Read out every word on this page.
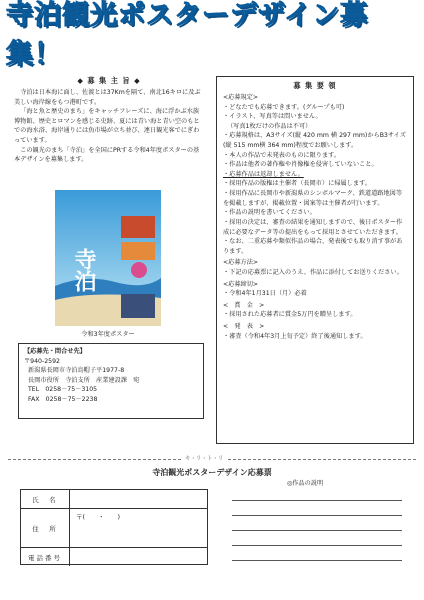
寺泊観光ポスターデザイン募集！
◆ 募 集 主 旨 ◆
寺泊は日本海に面し、佐渡とは37Kmを隔て、南北16キロに及ぶ美しい海岸線をもつ港町です。
「海と魚と歴史のまち」をキャッチフレーズに、海に浮かぶ水族博物館、歴史とロマンを感じる史跡、夏には青い海と青い空のもとでの海水浴、海岸通りには魚市場が立ち並び、連日観光客でにぎわっています。
この観光のまち「寺泊」を全国にPRする令和4年度ポスターの基本デザインを募集します。
寺泊
令和3年度ポスター
【応募先・問合せ先】
〒940-2592
新潟県長岡市寺泊烏帽子平1977-8
長岡市役所　寺泊支所　産業建設課　宛
TEL　0258－75－3105
FAX　0258－75－2238
募 集 要 領
<応募規定>
・どなたでも応募できます。(グループも可)
・イラスト、写真等は問いません。
（写真1枚だけの作品は不可）
・応募規格は、A3サイズ(縦 420 mm 横 297 mm)からB3サイズ(縦 515 mm横 364 mm)程度でお願いします。
・本人の作品で未発表のものに限ります。
・作品は他者の著作権や肖像権を侵害していないこと。
・応募作品は返却しません。
・採用作品の版権は主催者（長岡市）に帰属します。
・採用作品に長岡市や新潟県のシンボルマーク、鉄道道路地図等を掲載しますが、掲載位置・図案等は主催者が行います。
・作品の説明を書いてください。
・採用の決定は、審査の結果を通知しますので、後日ポスター作成に必要なデータ等の提出をもって採用とさせていただきます。
・なお、二重応募や類似作品の場合、発表後でも取り消す事があります。
<応募方法>
・下記の応募票に記入のうえ、作品に添付してお送りください。
<応募締切>
・令和4年1月31日（月）必着
<　賞　金　>
・採用された応募者に賞金5万円を贈呈します。
<　発　表　>
・審査（令和4年3月上旬予定）終了後通知します。
キ・リ・ト・リ
寺泊観光ポスターデザイン応募票
◎作品の説明
氏　名
住　所
〒(　　・　　)
電話番号
